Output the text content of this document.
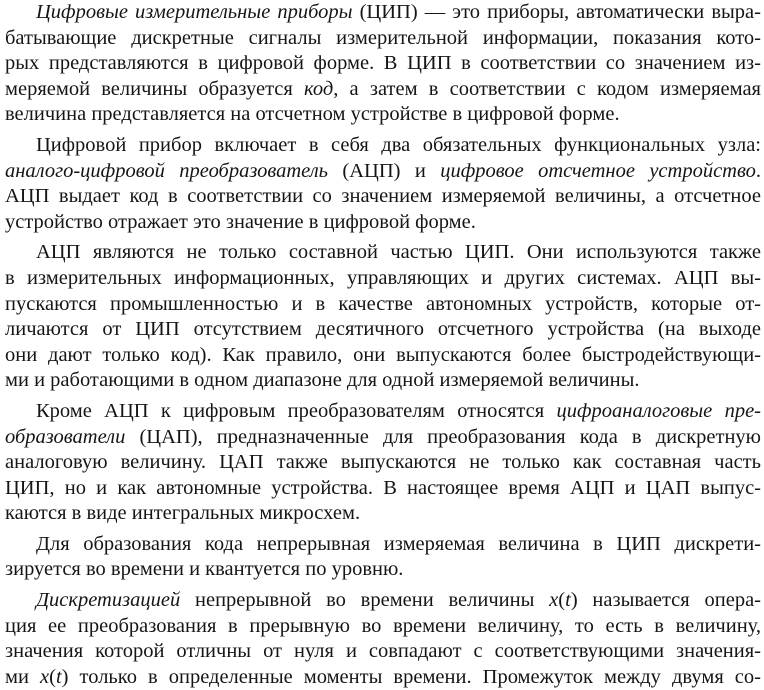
Цифровые измерительные приборы (ЦИП) — это приборы, автоматически выра-
батывающие дискретные сигналы измерительной информации, показания кото-
рых представляются в цифровой форме. В ЦИП в соответствии со значением из-
меряемой величины образуется код, а затем в соответствии с кодом измеряемая
величина представляется на отсчетном устройстве в цифровой форме.
Цифровой прибор включает в себя два обязательных функциональных узла:
аналого-цифровой преобразователь (АЦП) и цифровое отсчетное устройство.
АЦП выдает код в соответствии со значением измеряемой величины, а отсчетное
устройство отражает это значение в цифровой форме.
АЦП являются не только составной частью ЦИП. Они используются также
в измерительных информационных, управляющих и других системах. АЦП вы-
пускаются промышленностью и в качестве автономных устройств, которые от-
личаются от ЦИП отсутствием десятичного отсчетного устройства (на выходе
они дают только код). Как правило, они выпускаются более быстродействующи-
ми и работающими в одном диапазоне для одной измеряемой величины.
Кроме АЦП к цифровым преобразователям относятся цифроаналоговые пре-
образователи (ЦАП), предназначенные для преобразования кода в дискретную
аналоговую величину. ЦАП также выпускаются не только как составная часть
ЦИП, но и как автономные устройства. В настоящее время АЦП и ЦАП выпус-
каются в виде интегральных микросхем.
Для образования кода непрерывная измеряемая величина в ЦИП дискрети-
зируется во времени и квантуется по уровню.
Дискретизацией непрерывной во времени величины x(t) называется опера-
ция ее преобразования в прерывную во времени величину, то есть в величину,
значения которой отличны от нуля и совпадают с соответствующими значения-
ми x(t) только в определенные моменты времени. Промежуток между двумя со-
